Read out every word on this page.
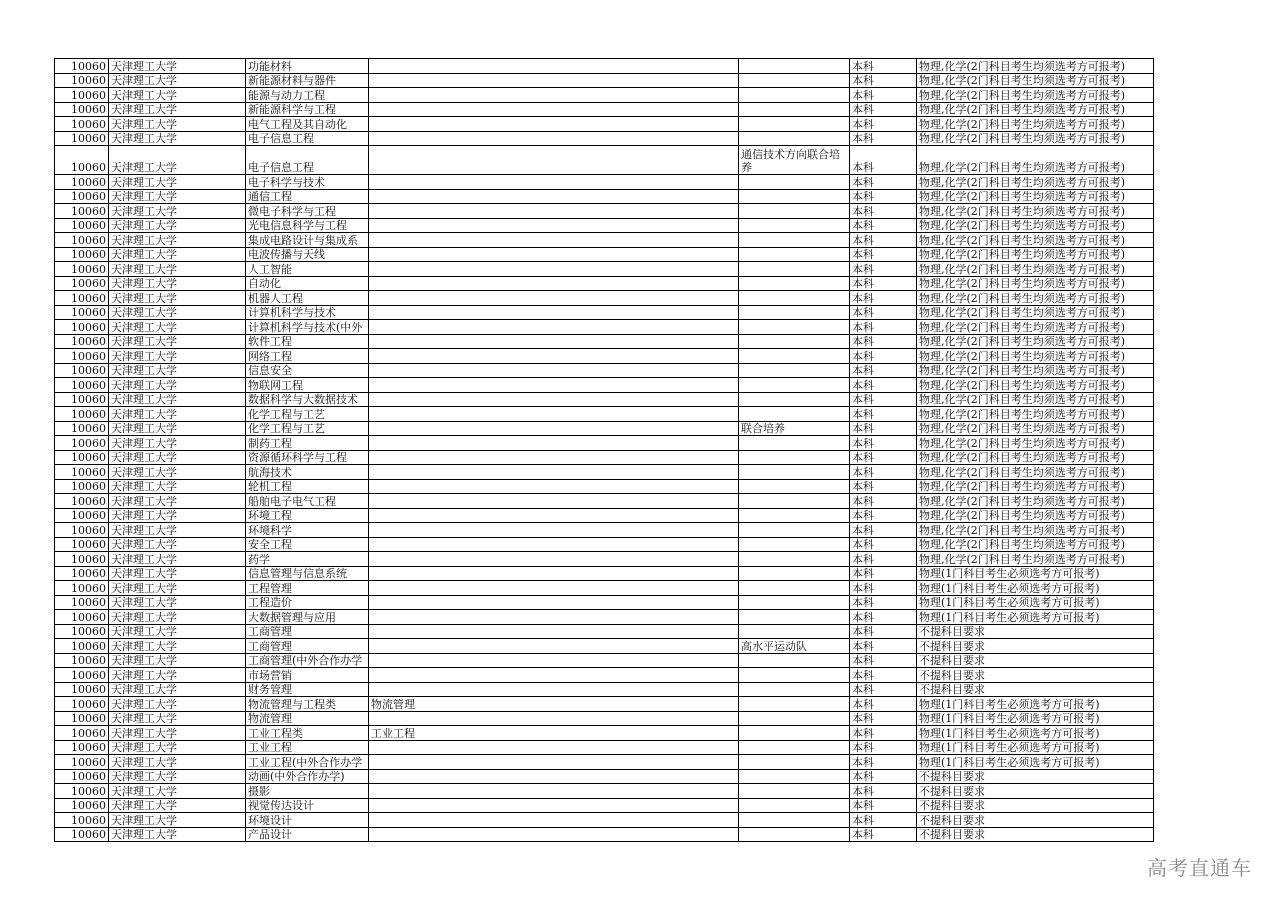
10060	天津理工大学	功能材料			本科	物理,化学(2门科目考生均须选考方可报考)
10060	天津理工大学	新能源材料与器件			本科	物理,化学(2门科目考生均须选考方可报考)
10060	天津理工大学	能源与动力工程			本科	物理,化学(2门科目考生均须选考方可报考)
10060	天津理工大学	新能源科学与工程			本科	物理,化学(2门科目考生均须选考方可报考)
10060	天津理工大学	电气工程及其自动化			本科	物理,化学(2门科目考生均须选考方可报考)
10060	天津理工大学	电子信息工程			本科	物理,化学(2门科目考生均须选考方可报考)
10060	天津理工大学	电子信息工程		通信技术方向联合培养	本科	物理,化学(2门科目考生均须选考方可报考)
10060	天津理工大学	电子科学与技术			本科	物理,化学(2门科目考生均须选考方可报考)
10060	天津理工大学	通信工程			本科	物理,化学(2门科目考生均须选考方可报考)
10060	天津理工大学	微电子科学与工程			本科	物理,化学(2门科目考生均须选考方可报考)
10060	天津理工大学	光电信息科学与工程			本科	物理,化学(2门科目考生均须选考方可报考)
10060	天津理工大学	集成电路设计与集成系			本科	物理,化学(2门科目考生均须选考方可报考)
10060	天津理工大学	电波传播与天线			本科	物理,化学(2门科目考生均须选考方可报考)
10060	天津理工大学	人工智能			本科	物理,化学(2门科目考生均须选考方可报考)
10060	天津理工大学	自动化			本科	物理,化学(2门科目考生均须选考方可报考)
10060	天津理工大学	机器人工程			本科	物理,化学(2门科目考生均须选考方可报考)
10060	天津理工大学	计算机科学与技术			本科	物理,化学(2门科目考生均须选考方可报考)
10060	天津理工大学	计算机科学与技术(中外			本科	物理,化学(2门科目考生均须选考方可报考)
10060	天津理工大学	软件工程			本科	物理,化学(2门科目考生均须选考方可报考)
10060	天津理工大学	网络工程			本科	物理,化学(2门科目考生均须选考方可报考)
10060	天津理工大学	信息安全			本科	物理,化学(2门科目考生均须选考方可报考)
10060	天津理工大学	物联网工程			本科	物理,化学(2门科目考生均须选考方可报考)
10060	天津理工大学	数据科学与大数据技术			本科	物理,化学(2门科目考生均须选考方可报考)
10060	天津理工大学	化学工程与工艺			本科	物理,化学(2门科目考生均须选考方可报考)
10060	天津理工大学	化学工程与工艺		联合培养	本科	物理,化学(2门科目考生均须选考方可报考)
10060	天津理工大学	制药工程			本科	物理,化学(2门科目考生均须选考方可报考)
10060	天津理工大学	资源循环科学与工程			本科	物理,化学(2门科目考生均须选考方可报考)
10060	天津理工大学	航海技术			本科	物理,化学(2门科目考生均须选考方可报考)
10060	天津理工大学	轮机工程			本科	物理,化学(2门科目考生均须选考方可报考)
10060	天津理工大学	船舶电子电气工程			本科	物理,化学(2门科目考生均须选考方可报考)
10060	天津理工大学	环境工程			本科	物理,化学(2门科目考生均须选考方可报考)
10060	天津理工大学	环境科学			本科	物理,化学(2门科目考生均须选考方可报考)
10060	天津理工大学	安全工程			本科	物理,化学(2门科目考生均须选考方可报考)
10060	天津理工大学	药学			本科	物理,化学(2门科目考生均须选考方可报考)
10060	天津理工大学	信息管理与信息系统			本科	物理(1门科目考生必须选考方可报考)
10060	天津理工大学	工程管理			本科	物理(1门科目考生必须选考方可报考)
10060	天津理工大学	工程造价			本科	物理(1门科目考生必须选考方可报考)
10060	天津理工大学	大数据管理与应用			本科	物理(1门科目考生必须选考方可报考)
10060	天津理工大学	工商管理			本科	不提科目要求
10060	天津理工大学	工商管理		高水平运动队	本科	不提科目要求
10060	天津理工大学	工商管理(中外合作办学			本科	不提科目要求
10060	天津理工大学	市场营销			本科	不提科目要求
10060	天津理工大学	财务管理			本科	不提科目要求
10060	天津理工大学	物流管理与工程类	物流管理		本科	物理(1门科目考生必须选考方可报考)
10060	天津理工大学	物流管理			本科	物理(1门科目考生必须选考方可报考)
10060	天津理工大学	工业工程类	工业工程		本科	物理(1门科目考生必须选考方可报考)
10060	天津理工大学	工业工程			本科	物理(1门科目考生必须选考方可报考)
10060	天津理工大学	工业工程(中外合作办学			本科	物理(1门科目考生必须选考方可报考)
10060	天津理工大学	动画(中外合作办学)			本科	不提科目要求
10060	天津理工大学	摄影			本科	不提科目要求
10060	天津理工大学	视觉传达设计			本科	不提科目要求
10060	天津理工大学	环境设计			本科	不提科目要求
10060	天津理工大学	产品设计			本科	不提科目要求
高考直通车
